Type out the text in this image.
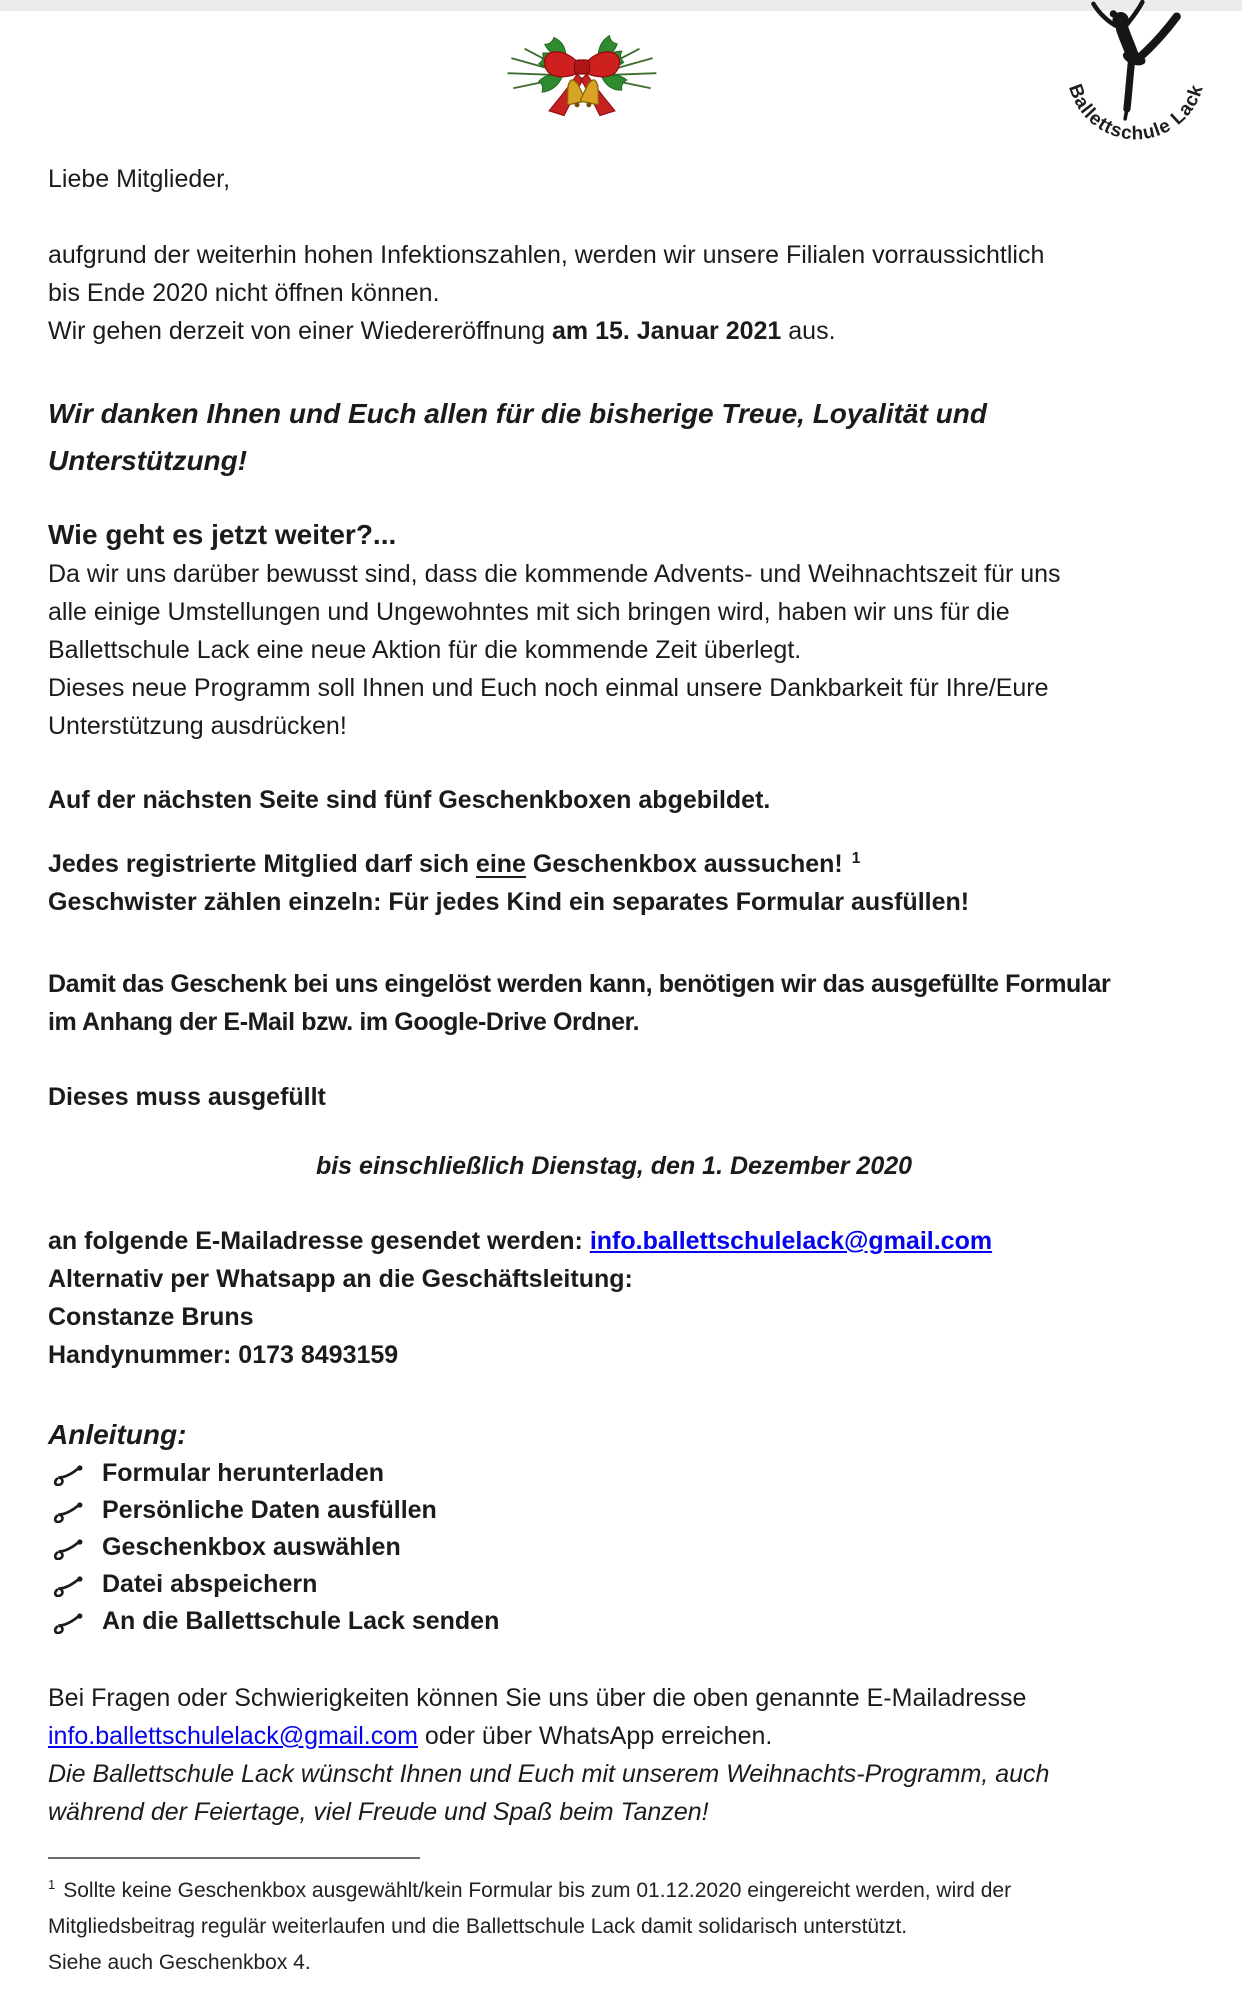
Ballettschule Lack
Liebe Mitglieder,
aufgrund der weiterhin hohen Infektionszahlen, werden wir unsere Filialen vorraussichtlich
bis Ende 2020 nicht öffnen können.
Wir gehen derzeit von einer Wiedereröffnung am 15. Januar 2021 aus.
Wir danken Ihnen und Euch allen für die bisherige Treue, Loyalität und
Unterstützung!
Wie geht es jetzt weiter?...
Da wir uns darüber bewusst sind, dass die kommende Advents- und Weihnachtszeit für uns
alle einige Umstellungen und Ungewohntes mit sich bringen wird, haben wir uns für die
Ballettschule Lack eine neue Aktion für die kommende Zeit überlegt.
Dieses neue Programm soll Ihnen und Euch noch einmal unsere Dankbarkeit für Ihre/Eure
Unterstützung ausdrücken!
Auf der nächsten Seite sind fünf Geschenkboxen abgebildet.
Jedes registrierte Mitglied darf sich eine Geschenkbox aussuchen! $^1$
Geschwister zählen einzeln: Für jedes Kind ein separates Formular ausfüllen!
Damit das Geschenk bei uns eingelöst werden kann, benötigen wir das ausgefüllte Formular
im Anhang der E-Mail bzw. im Google-Drive Ordner.
Dieses muss ausgefüllt
bis einschließlich Dienstag, den 1. Dezember 2020
an folgende E-Mailadresse gesendet werden: info.ballettschulelack@gmail.com
Alternativ per Whatsapp an die Geschäftsleitung:
Constanze Bruns
Handynummer: 0173 8493159
Anleitung:
Formular herunterladen
Persönliche Daten ausfüllen
Geschenkbox auswählen
Datei abspeichern
An die Ballettschule Lack senden
Bei Fragen oder Schwierigkeiten können Sie uns über die oben genannte E-Mailadresse
info.ballettschulelack@gmail.com oder über WhatsApp erreichen.
Die Ballettschule Lack wünscht Ihnen und Euch mit unserem Weihnachts-Programm, auch
während der Feiertage, viel Freude und Spaß beim Tanzen!
$^1$ Sollte keine Geschenkbox ausgewählt/kein Formular bis zum 01.12.2020 eingereicht werden, wird der
Mitgliedsbeitrag regulär weiterlaufen und die Ballettschule Lack damit solidarisch unterstützt.
Siehe auch Geschenkbox 4.
